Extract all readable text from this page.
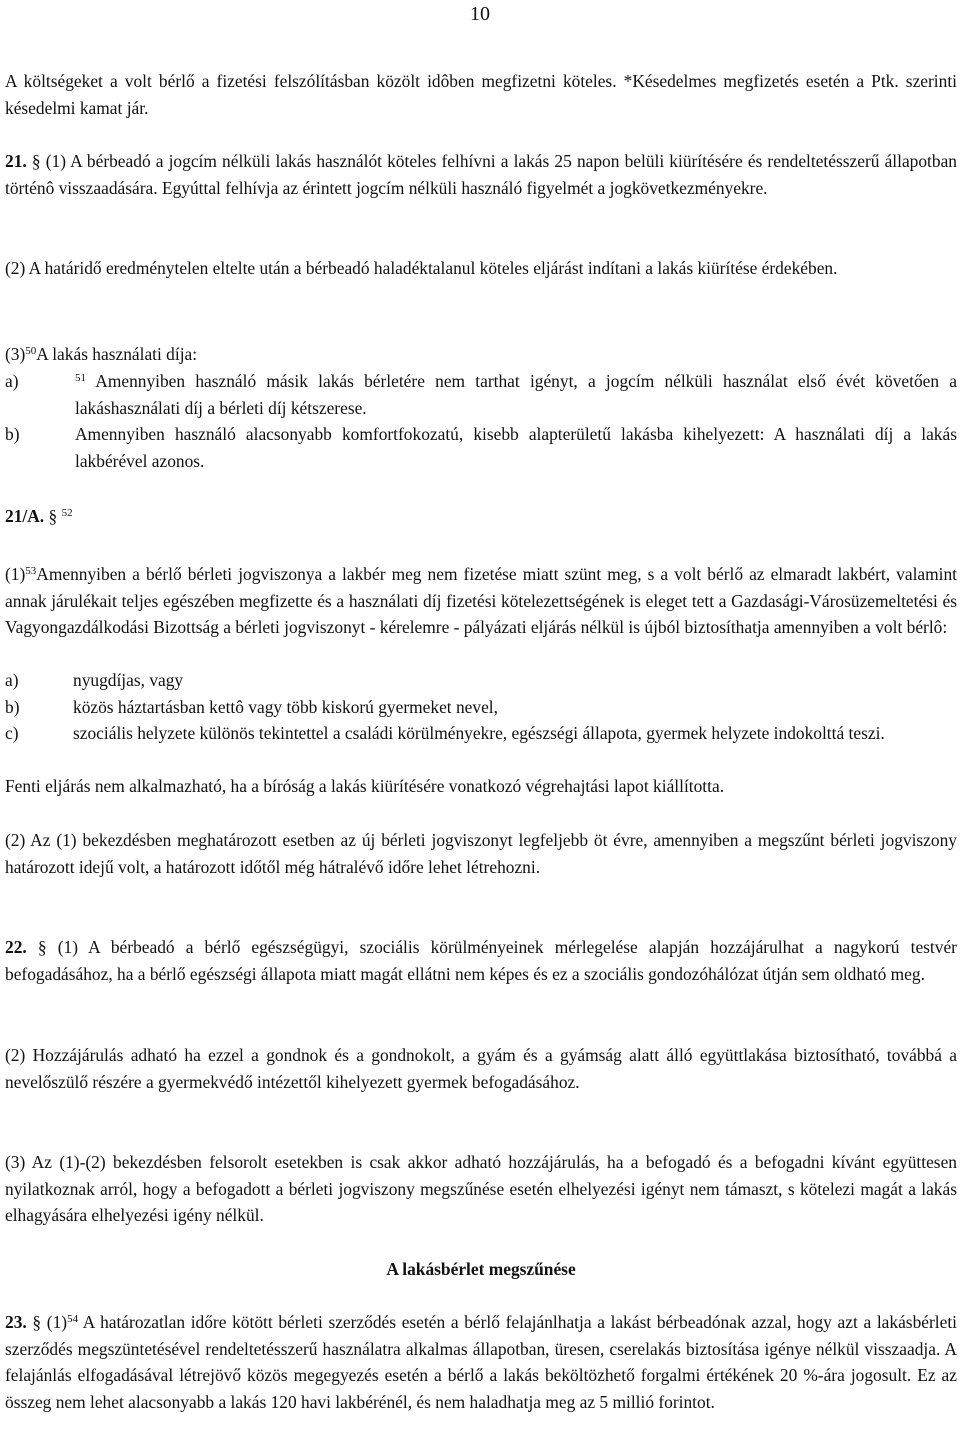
10

A költségeket a volt bérlő a fizetési felszólításban közölt idôben megfizetni köteles. *Késedelmes megfizetés esetén a Ptk. szerinti késedelmi kamat jár.

21. § (1) A bérbeadó a jogcím nélküli lakás használót köteles felhívni a lakás 25 napon belüli kiürítésére és rendeltetésszerű állapotban történô visszaadására. Egyúttal felhívja az érintett jogcím nélküli használó figyelmét a jogkövetkezményekre.

(2) A határidő eredménytelen eltelte után a bérbeadó haladéktalanul köteles eljárást indítani a lakás kiürítése érdekében.

$(3)^{50}A$ lakás használati díja:

a)	$^{51}$ Amennyiben használó másik lakás bérletére nem tarthat igényt, a jogcím nélküli használat első évét követően a lakáshasználati díj a bérleti díj kétszerese.
b)	Amennyiben használó alacsonyabb komfortfokozatú, kisebb alapterületű lakásba kihelyezett: A használati díj a lakás lakbérével azonos.

21/A. § $^{52}$

$(1)^{53}Amennyiben$ a bérlő bérleti jogviszonya a lakbér meg nem fizetése miatt szünt meg, s a volt bérlő az elmaradt lakbért, valamint annak járulékait teljes egészében megfizette és a használati díj fizetési kötelezettségének is eleget tett a Gazdasági-Városüzemeltetési és Vagyongazdálkodási Bizottság a bérleti jogviszonyt - kérelemre - pályázati eljárás nélkül is újból biztosíthatja amennyiben a volt bérlô:

a)	nyugdíjas, vagy
b)	közös háztartásban kettô vagy több kiskorú gyermeket nevel,
c)	szociális helyzete különös tekintettel a családi körülményekre, egészségi állapota, gyermek helyzete indokolttá teszi.

Fenti eljárás nem alkalmazható, ha a bíróság a lakás kiürítésére vonatkozó végrehajtási lapot kiállította.

(2) Az (1) bekezdésben meghatározott esetben az új bérleti jogviszonyt legfeljebb öt évre, amennyiben a megszűnt bérleti jogviszony határozott idejű volt, a határozott időtől még hátralévő időre lehet létrehozni.

22. § (1) A bérbeadó a bérlő egészségügyi, szociális körülményeinek mérlegelése alapján hozzájárulhat a nagykorú testvér befogadásához, ha a bérlő egészségi állapota miatt magát ellátni nem képes és ez a szociális gondozóhálózat útján sem oldható meg.

(2) Hozzájárulás adható ha ezzel a gondnok és a gondnokolt, a gyám és a gyámság alatt álló együttlakása biztosítható, továbbá a nevelőszülő részére a gyermekvédő intézettől kihelyezett gyermek befogadásához.

(3) Az (1)-(2) bekezdésben felsorolt esetekben is csak akkor adható hozzájárulás, ha a befogadó és a befogadni kívánt együttesen nyilatkoznak arról, hogy a befogadott a bérleti jogviszony megszűnése esetén elhelyezési igényt nem támaszt, s kötelezi magát a lakás elhagyására elhelyezési igény nélkül.

A lakásbérlet megszűnése

23. § $(1)^{54}$ A határozatlan időre kötött bérleti szerződés esetén a bérlő felajánlhatja a lakást bérbeadónak azzal, hogy azt a lakásbérleti szerződés megszüntetésével rendeltetésszerű használatra alkalmas állapotban, üresen, cserelakás biztosítása igénye nélkül visszaadja. A felajánlás elfogadásával létrejövő közös megegyezés esetén a bérlő a lakás beköltözhető forgalmi értékének 20 %-ára jogosult. Ez az összeg nem lehet alacsonyabb a lakás 120 havi lakbérénél, és nem haladhatja meg az 5 millió forintot.
